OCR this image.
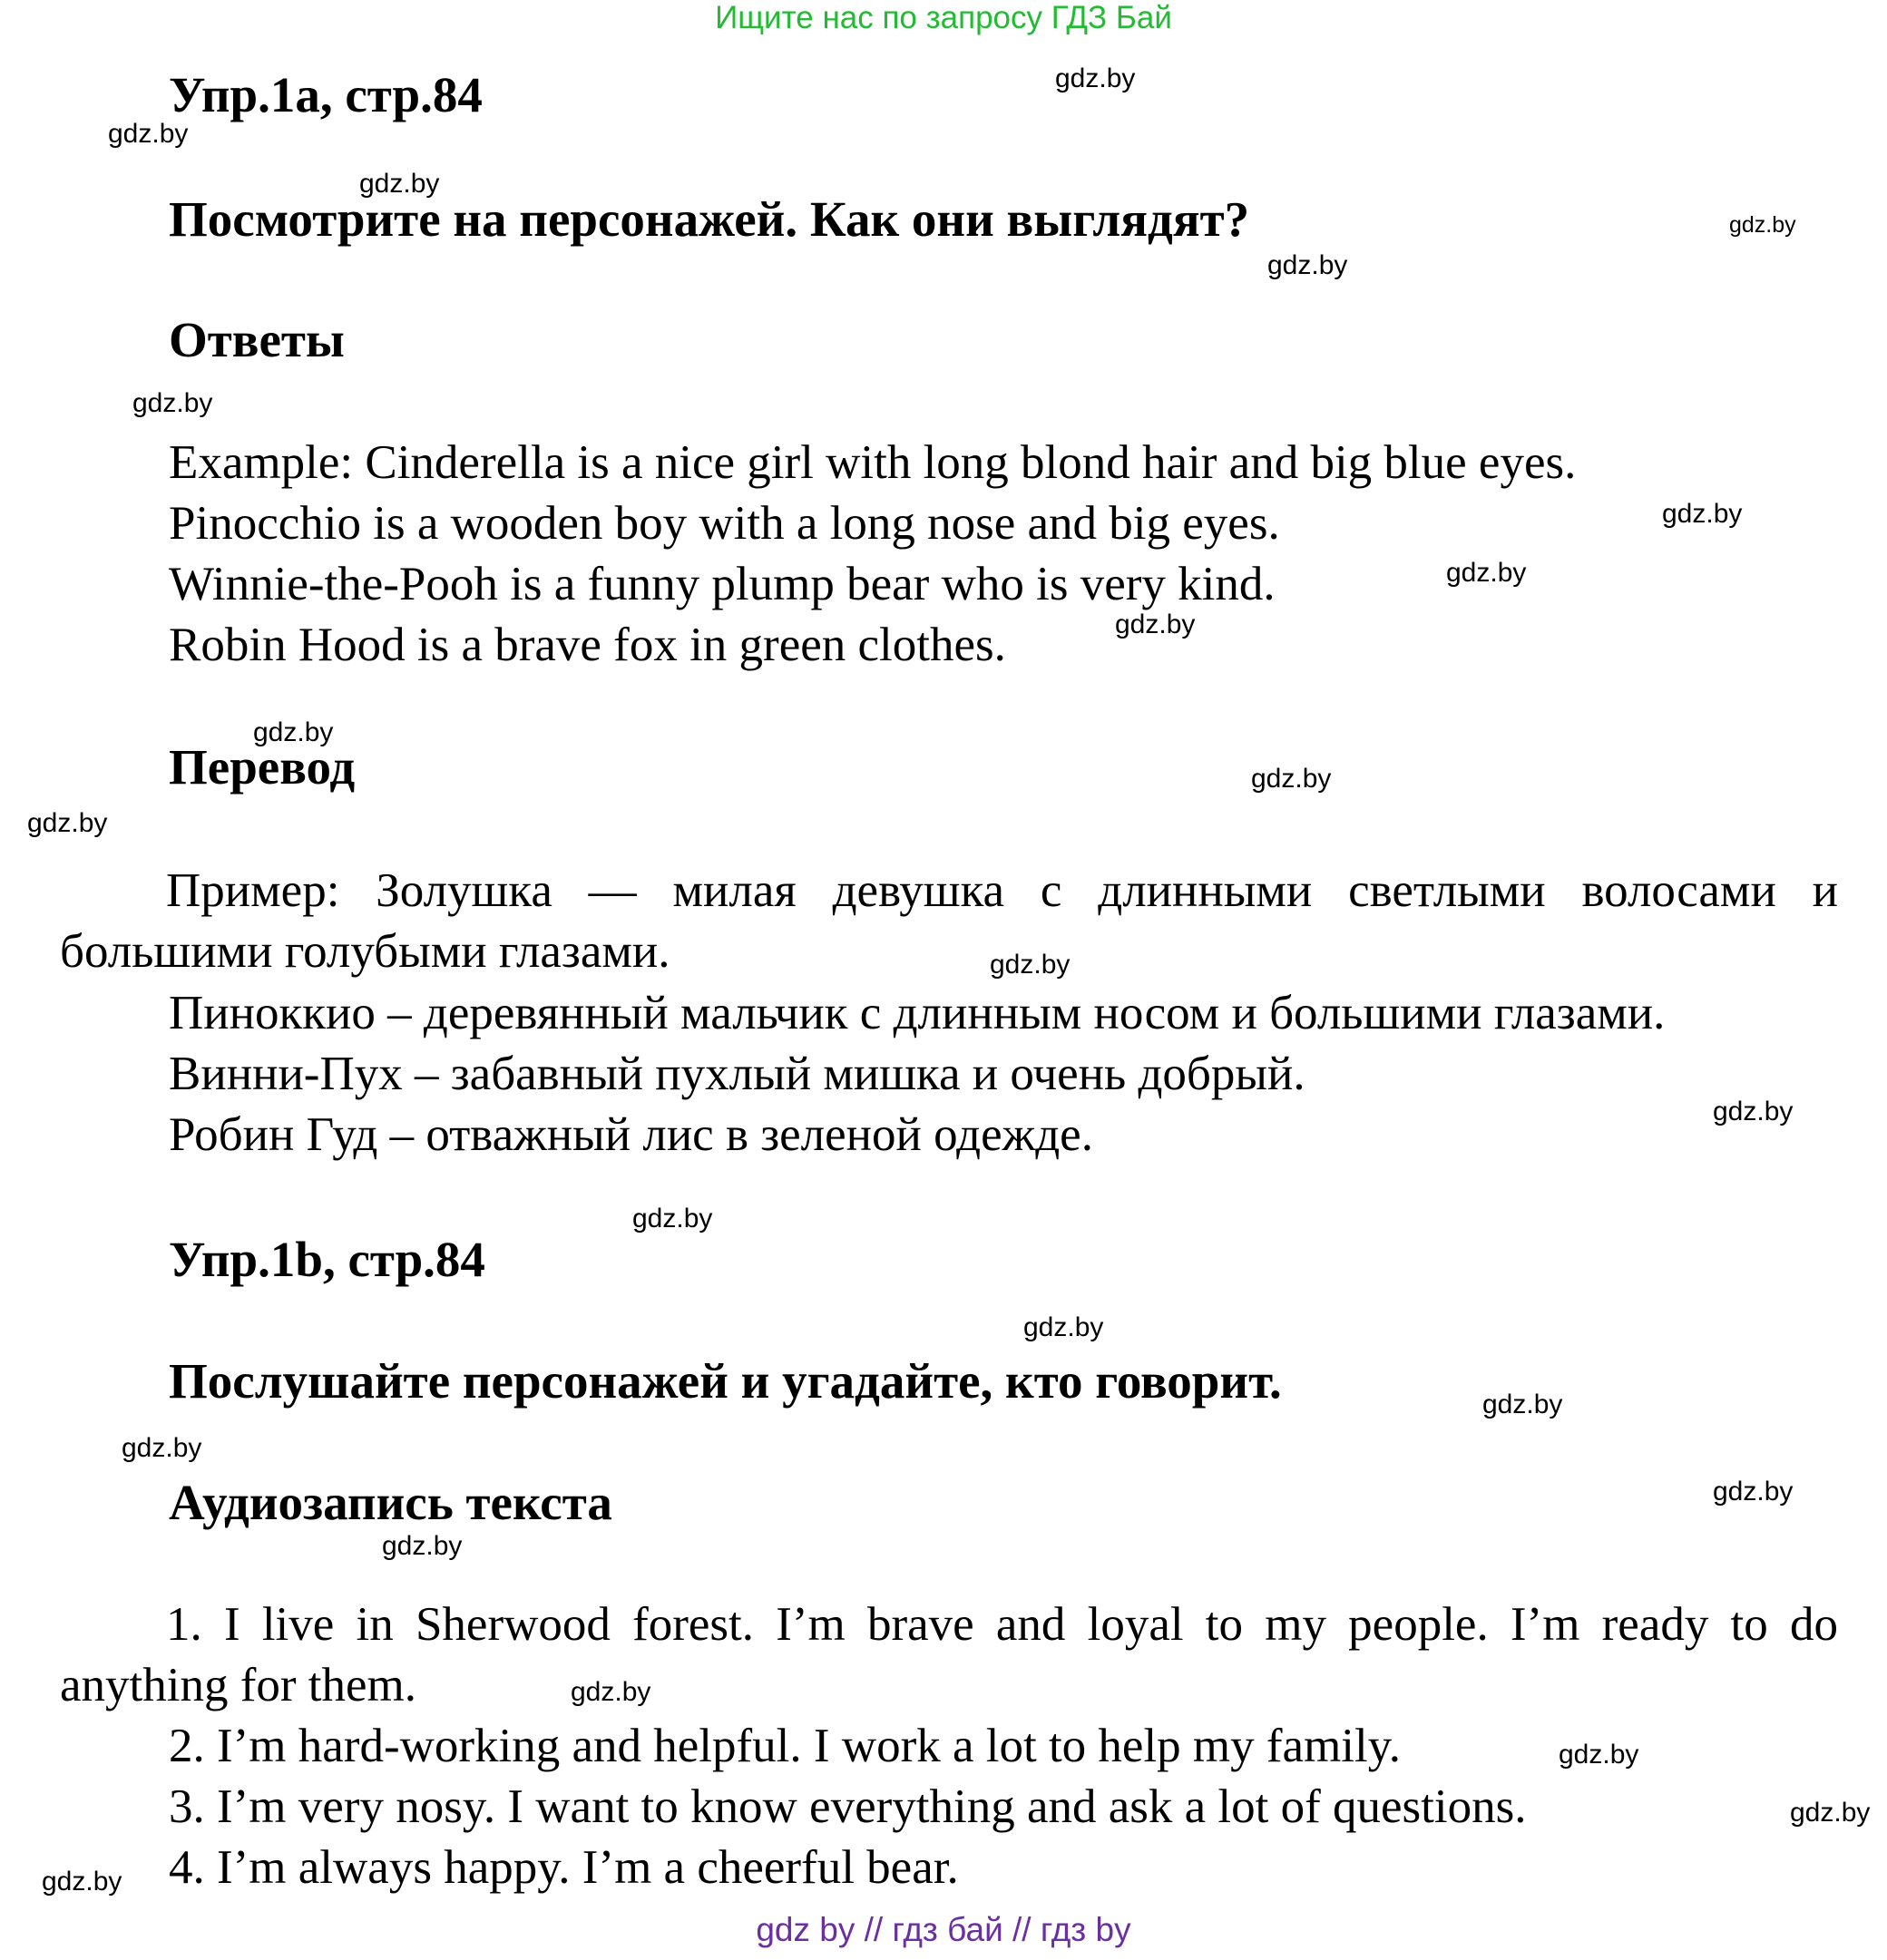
Ищите нас по запросу ГДЗ Бай
Упр.1a, стр.84
Посмотрите на персонажей. Как они выглядят?
Ответы
Example: Cinderella is a nice girl with long blond hair and big blue eyes.
Pinocchio is a wooden boy with a long nose and big eyes.
Winnie-the-Pooh is a funny plump bear who is very kind.
Robin Hood is a brave fox in green clothes.
Перевод
Пример: Золушка — милая девушка с длинными светлыми волосами и большими голубыми глазами.
Пиноккио – деревянный мальчик с длинным носом и большими глазами.
Винни-Пух – забавный пухлый мишка и очень добрый.
Робин Гуд – отважный лис в зеленой одежде.
Упр.1b, стр.84
Послушайте персонажей и угадайте, кто говорит.
Аудиозапись текста
1. I live in Sherwood forest. I’m brave and loyal to my people. I’m ready to do anything for them.
2. I’m hard-working and helpful. I work a lot to help my family.
3. I’m very nosy. I want to know everything and ask a lot of questions.
4. I’m always happy. I’m a cheerful bear.
gdz.by
gdz.by
gdz.by
gdz.by
gdz.by
gdz.by
gdz.by
gdz.by
gdz.by
gdz.by
gdz.by
gdz.by
gdz.by
gdz.by
gdz.by
gdz.by
gdz.by
gdz.by
gdz.by
gdz.by
gdz.by
gdz.by
gdz.by
gdz.by
gdz by // гдз бай // гдз by
